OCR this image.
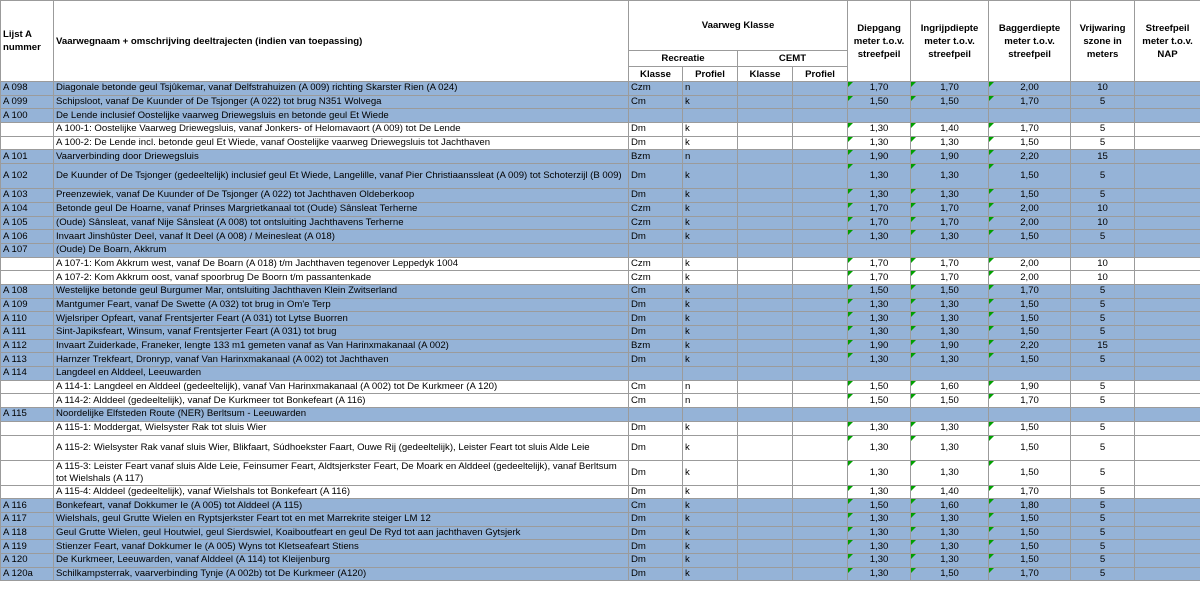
Lijst A nummer	Vaarwegnaam + omschrijving deeltrajecten (indien van toepassing)	Vaarweg Klasse				Diepgang meter t.o.v. streefpeil	Ingrijpdiepte meter t.o.v. streefpeil	Baggerdiepte meter t.o.v. streefpeil	Vrijwaring szone in meters	Streefpeil meter t.o.v. NAP
		Recreatie		CEMT						
		Klasse	Profiel	Klasse	Profiel					
A 098	Diagonale betonde geul Tsjûkemar, vanaf Delfstrahuizen (A 009) richting Skarster Rien (A 024)	Czm	n			1,70	1,70	2,00	10	
A 099	Schipsloot, vanaf De Kuunder of De Tsjonger (A 022) tot brug N351 Wolvega	Cm	k			1,50	1,50	1,70	5	
A 100	De Lende inclusief Oostelijke vaarweg Driewegsluis en betonde geul Et Wiede									
	A 100-1: Oostelijke Vaarweg Driewegsluis, vanaf Jonkers- of Helomavaort (A 009) tot De Lende	Dm	k			1,30	1,40	1,70	5	
	A 100-2: De Lende incl. betonde geul Et Wiede, vanaf Oostelijke vaarweg Driewegsluis tot Jachthaven	Dm	k			1,30	1,30	1,50	5	
A 101	Vaarverbinding door Driewegsluis	Bzm	n			1,90	1,90	2,20	15	
A 102	De Kuunder of De Tsjonger (gedeeltelijk) inclusief geul Et Wiede, Langelille, vanaf Pier Christiaanssleat (A 009) tot Schoterzijl (B 009)	Dm	k			1,30	1,30	1,50	5	
A 103	Preenzewiek, vanaf De Kuunder of De Tsjonger (A 022) tot Jachthaven Oldeberkoop	Dm	k			1,30	1,30	1,50	5	
A 104	Betonde geul De Hoarne, vanaf Prinses Margrietkanaal tot (Oude) Sânsleat Terherne	Czm	k			1,70	1,70	2,00	10	
A 105	(Oude) Sânsleat, vanaf Nije Sânsleat (A 008) tot ontsluiting Jachthavens Terherne	Czm	k			1,70	1,70	2,00	10	
A 106	Invaart Jinshûster Deel, vanaf It Deel (A 008) / Meinesleat (A 018)	Dm	k			1,30	1,30	1,50	5	
A 107	(Oude) De Boarn, Akkrum									
	A 107-1: Kom Akkrum west, vanaf De Boarn (A 018) t/m Jachthaven tegenover Leppedyk 1004	Czm	k			1,70	1,70	2,00	10	
	A 107-2: Kom Akkrum oost, vanaf spoorbrug De Boorn t/m passantenkade	Czm	k			1,70	1,70	2,00	10	
A 108	Westelijke betonde geul Burgumer Mar, ontsluiting Jachthaven Klein Zwitserland	Cm	k			1,50	1,50	1,70	5	
A 109	Mantgumer Feart, vanaf De Swette (A 032) tot brug in Om'e Terp	Dm	k			1,30	1,30	1,50	5	
A 110	Wjelsriper Opfeart, vanaf Frentsjerter Feart (A 031) tot Lytse Buorren	Dm	k			1,30	1,30	1,50	5	
A 111	Sint-Japiksfeart, Winsum, vanaf Frentsjerter Feart (A 031) tot brug	Dm	k			1,30	1,30	1,50	5	
A 112	Invaart Zuiderkade, Franeker, lengte 133 m1 gemeten vanaf as Van Harinxmakanaal (A 002)	Bzm	k			1,90	1,90	2,20	15	
A 113	Harnzer Trekfeart, Dronryp, vanaf Van Harinxmakanaal (A 002) tot Jachthaven	Dm	k			1,30	1,30	1,50	5	
A 114	Langdeel en Alddeel, Leeuwarden									
	A 114-1: Langdeel en Alddeel (gedeeltelijk), vanaf Van Harinxmakanaal (A 002) tot De Kurkmeer (A 120)	Cm	n			1,50	1,60	1,90	5	
	A 114-2: Alddeel (gedeeltelijk), vanaf De Kurkmeer tot Bonkefeart (A 116)	Cm	n			1,50	1,50	1,70	5	
A 115	Noordelijke Elfsteden Route (NER) Berltsum - Leeuwarden									
	A 115-1: Moddergat, Wielsyster Rak tot sluis Wier	Dm	k			1,30	1,30	1,50	5	
	A 115-2: Wielsyster Rak vanaf sluis Wier, Blikfaart, Súdhoekster Faart, Ouwe Rij (gedeeltelijk), Leister Feart tot sluis Alde Leie	Dm	k			1,30	1,30	1,50	5	
	A 115-3: Leister Feart vanaf sluis Alde Leie, Feinsumer Feart, Aldtsjerkster Feart, De Moark en Alddeel (gedeeltelijk), vanaf Berltsum tot Wielshals (A 117)	Dm	k			1,30	1,30	1,50	5	
	A 115-4: Alddeel (gedeeltelijk), vanaf Wielshals tot Bonkefeart (A 116)	Dm	k			1,30	1,40	1,70	5	
A 116	Bonkefeart, vanaf Dokkumer Ie (A 005) tot Alddeel (A 115)	Cm	k			1,50	1,60	1,80	5	
A 117	Wielshals, geul Grutte Wielen en Ryptsjerkster Feart tot en met Marrekrite steiger LM 12	Dm	k			1,30	1,30	1,50	5	
A 118	Geul Grutte Wielen, geul Houtwiel, geul Sierdswiel, Koaiboutfeart en geul De Ryd tot aan jachthaven Gytsjerk	Dm	k			1,30	1,30	1,50	5	
A 119	Stienzer Feart, vanaf Dokkumer Ie (A 005) Wyns tot Kletseafeart Stiens	Dm	k			1,30	1,30	1,50	5	
A 120	De Kurkmeer, Leeuwarden, vanaf Alddeel (A 114) tot Kleijenburg	Dm	k			1,30	1,30	1,50	5	
A 120a	Schilkampsterrak, vaarverbinding Tynje (A 002b) tot De Kurkmeer (A120)	Dm	k			1,30	1,50	1,70	5	
